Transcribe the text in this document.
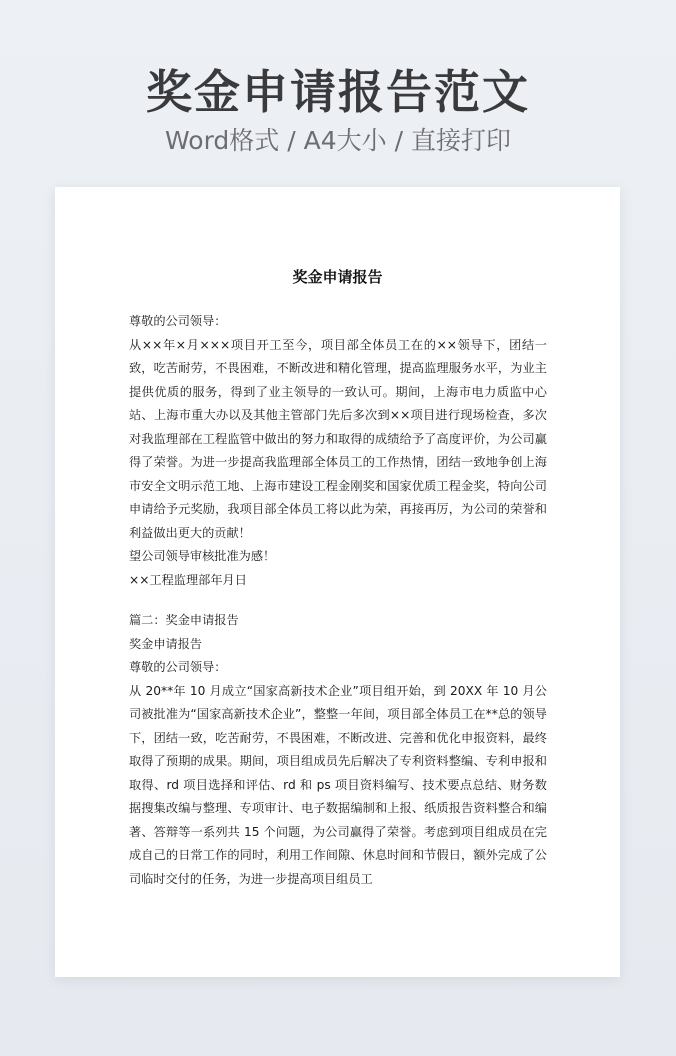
奖金申请报告范文
Word格式 / A4大小 / 直接打印
奖金申请报告

尊敬的公司领导：

从××年×月×××项目开工至今，项目部全体员工在的××领导下，团结一致，吃苦耐劳，不畏困难，不断改进和精化管理，提高监理服务水平，为业主提供优质的服务，得到了业主领导的一致认可。期间，上海市电力质监中心站、上海市重大办以及其他主管部门先后多次到××项目进行现场检查，多次对我监理部在工程监管中做出的努力和取得的成绩给予了高度评价，为公司赢得了荣誉。为进一步提高我监理部全体员工的工作热情，团结一致地争创上海市安全文明示范工地、上海市建设工程金刚奖和国家优质工程金奖，特向公司申请给予元奖励，我项目部全体员工将以此为荣，再接再厉，为公司的荣誉和利益做出更大的贡献！

望公司领导审核批准为感！

××工程监理部年月日

篇二：奖金申请报告

奖金申请报告

尊敬的公司领导：

从 20**年 10 月成立“国家高新技术企业”项目组开始，到 20XX 年 10 月公司被批准为“国家高新技术企业”，整整一年间，项目部全体员工在**总的领导下，团结一致，吃苦耐劳，不畏困难，不断改进、完善和优化申报资料，最终取得了预期的成果。期间，项目组成员先后解决了专利资料整编、专利申报和取得、rd 项目选择和评估、rd 和 ps 项目资料编写、技术要点总结、财务数据搜集改编与整理、专项审计、电子数据编制和上报、纸质报告资料整合和编著、答辩等一系列共 15 个问题，为公司赢得了荣誉。考虑到项目组成员在完成自己的日常工作的同时，利用工作间隙、休息时间和节假日，额外完成了公司临时交付的任务，为进一步提高项目组员工
